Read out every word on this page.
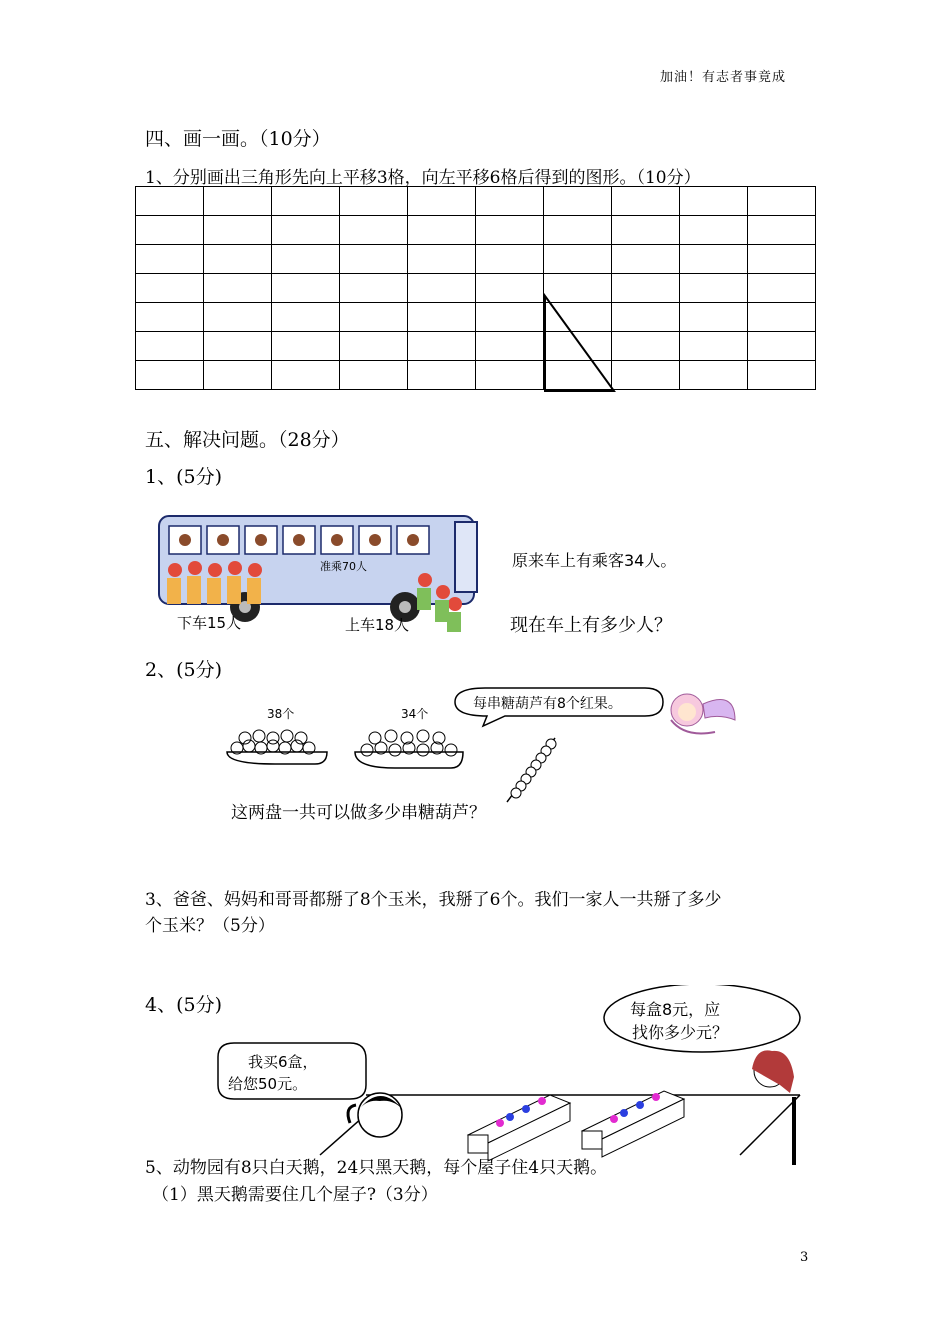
加油！有志者事竟成
四、画一画。（10分）
1、分别画出三角形先向上平移3格，向左平移6格后得到的图形。（10分）

五、解决问题。（28分）
1、(5分)
准乘70人
下车15人	上车18人
原来车上有乘客34人。
现在车上有多少人？
2、(5分)
38个	34个
每串糖葫芦有8个红果。
这两盘一共可以做多少串糖葫芦？
3、爸爸、妈妈和哥哥都掰了8个玉米，我掰了6个。我们一家人一共掰了多少
个玉米？（5分）
4、(5分)	每盒8元，应
找你多少元？
我买6盒，
给您50元。
5、动物园有8只白天鹅，24只黑天鹅，每个屋子住4只天鹅。
（1）黑天鹅需要住几个屋子?（3分）
3
